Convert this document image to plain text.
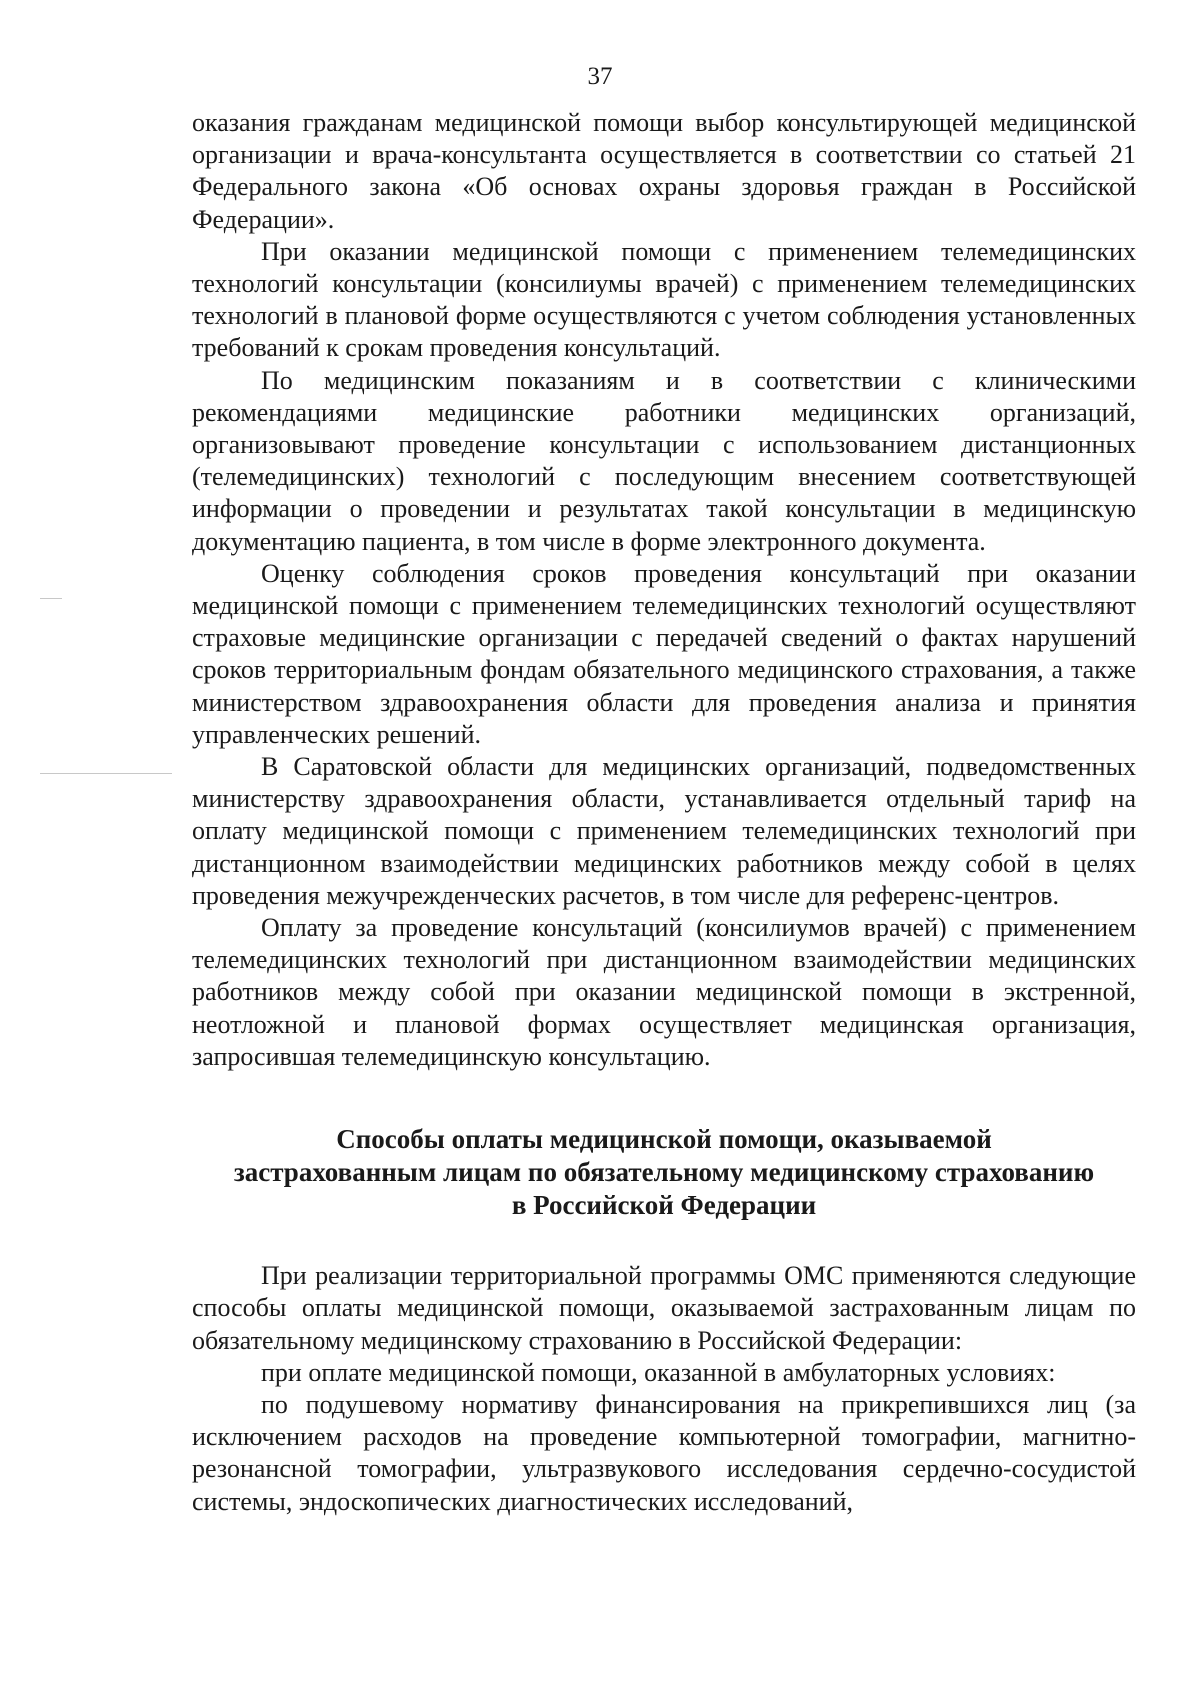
37

оказания гражданам медицинской помощи выбор консультирующей медицинской организации и врача-консультанта осуществляется в соответствии со статьей 21 Федерального закона «Об основах охраны здоровья граждан в Российской Федерации».

При оказании медицинской помощи с применением телемедицинских технологий консультации (консилиумы врачей) с применением телемедицинских технологий в плановой форме осуществляются с учетом соблюдения установленных требований к срокам проведения консультаций.

По медицинским показаниям и в соответствии с клиническими рекомендациями медицинские работники медицинских организаций, организовывают проведение консультации с использованием дистанционных (телемедицинских) технологий с последующим внесением соответствующей информации о проведении и результатах такой консультации в медицинскую документацию пациента, в том числе в форме электронного документа.

Оценку соблюдения сроков проведения консультаций при оказании медицинской помощи с применением телемедицинских технологий осуществляют страховые медицинские организации с передачей сведений о фактах нарушений сроков территориальным фондам обязательного медицинского страхования, а также министерством здравоохранения области для проведения анализа и принятия управленческих решений.

В Саратовской области для медицинских организаций, подведомственных министерству здравоохранения области, устанавливается отдельный тариф на оплату медицинской помощи с применением телемедицинских технологий при дистанционном взаимодействии медицинских работников между собой в целях проведения межучрежденческих расчетов, в том числе для референс-центров.

Оплату за проведение консультаций (консилиумов врачей) с применением телемедицинских технологий при дистанционном взаимодействии медицинских работников между собой при оказании медицинской помощи в экстренной, неотложной и плановой формах осуществляет медицинская организация, запросившая телемедицинскую консультацию.

Способы оплаты медицинской помощи, оказываемой
застрахованным лицам по обязательному медицинскому страхованию
в Российской Федерации

При реализации территориальной программы ОМС применяются следующие способы оплаты медицинской помощи, оказываемой застрахованным лицам по обязательному медицинскому страхованию в Российской Федерации:

при оплате медицинской помощи, оказанной в амбулаторных условиях:

по подушевому нормативу финансирования на прикрепившихся лиц (за исключением расходов на проведение компьютерной томографии, магнитно-резонансной томографии, ультразвукового исследования сердечно-сосудистой системы, эндоскопических диагностических исследований,
